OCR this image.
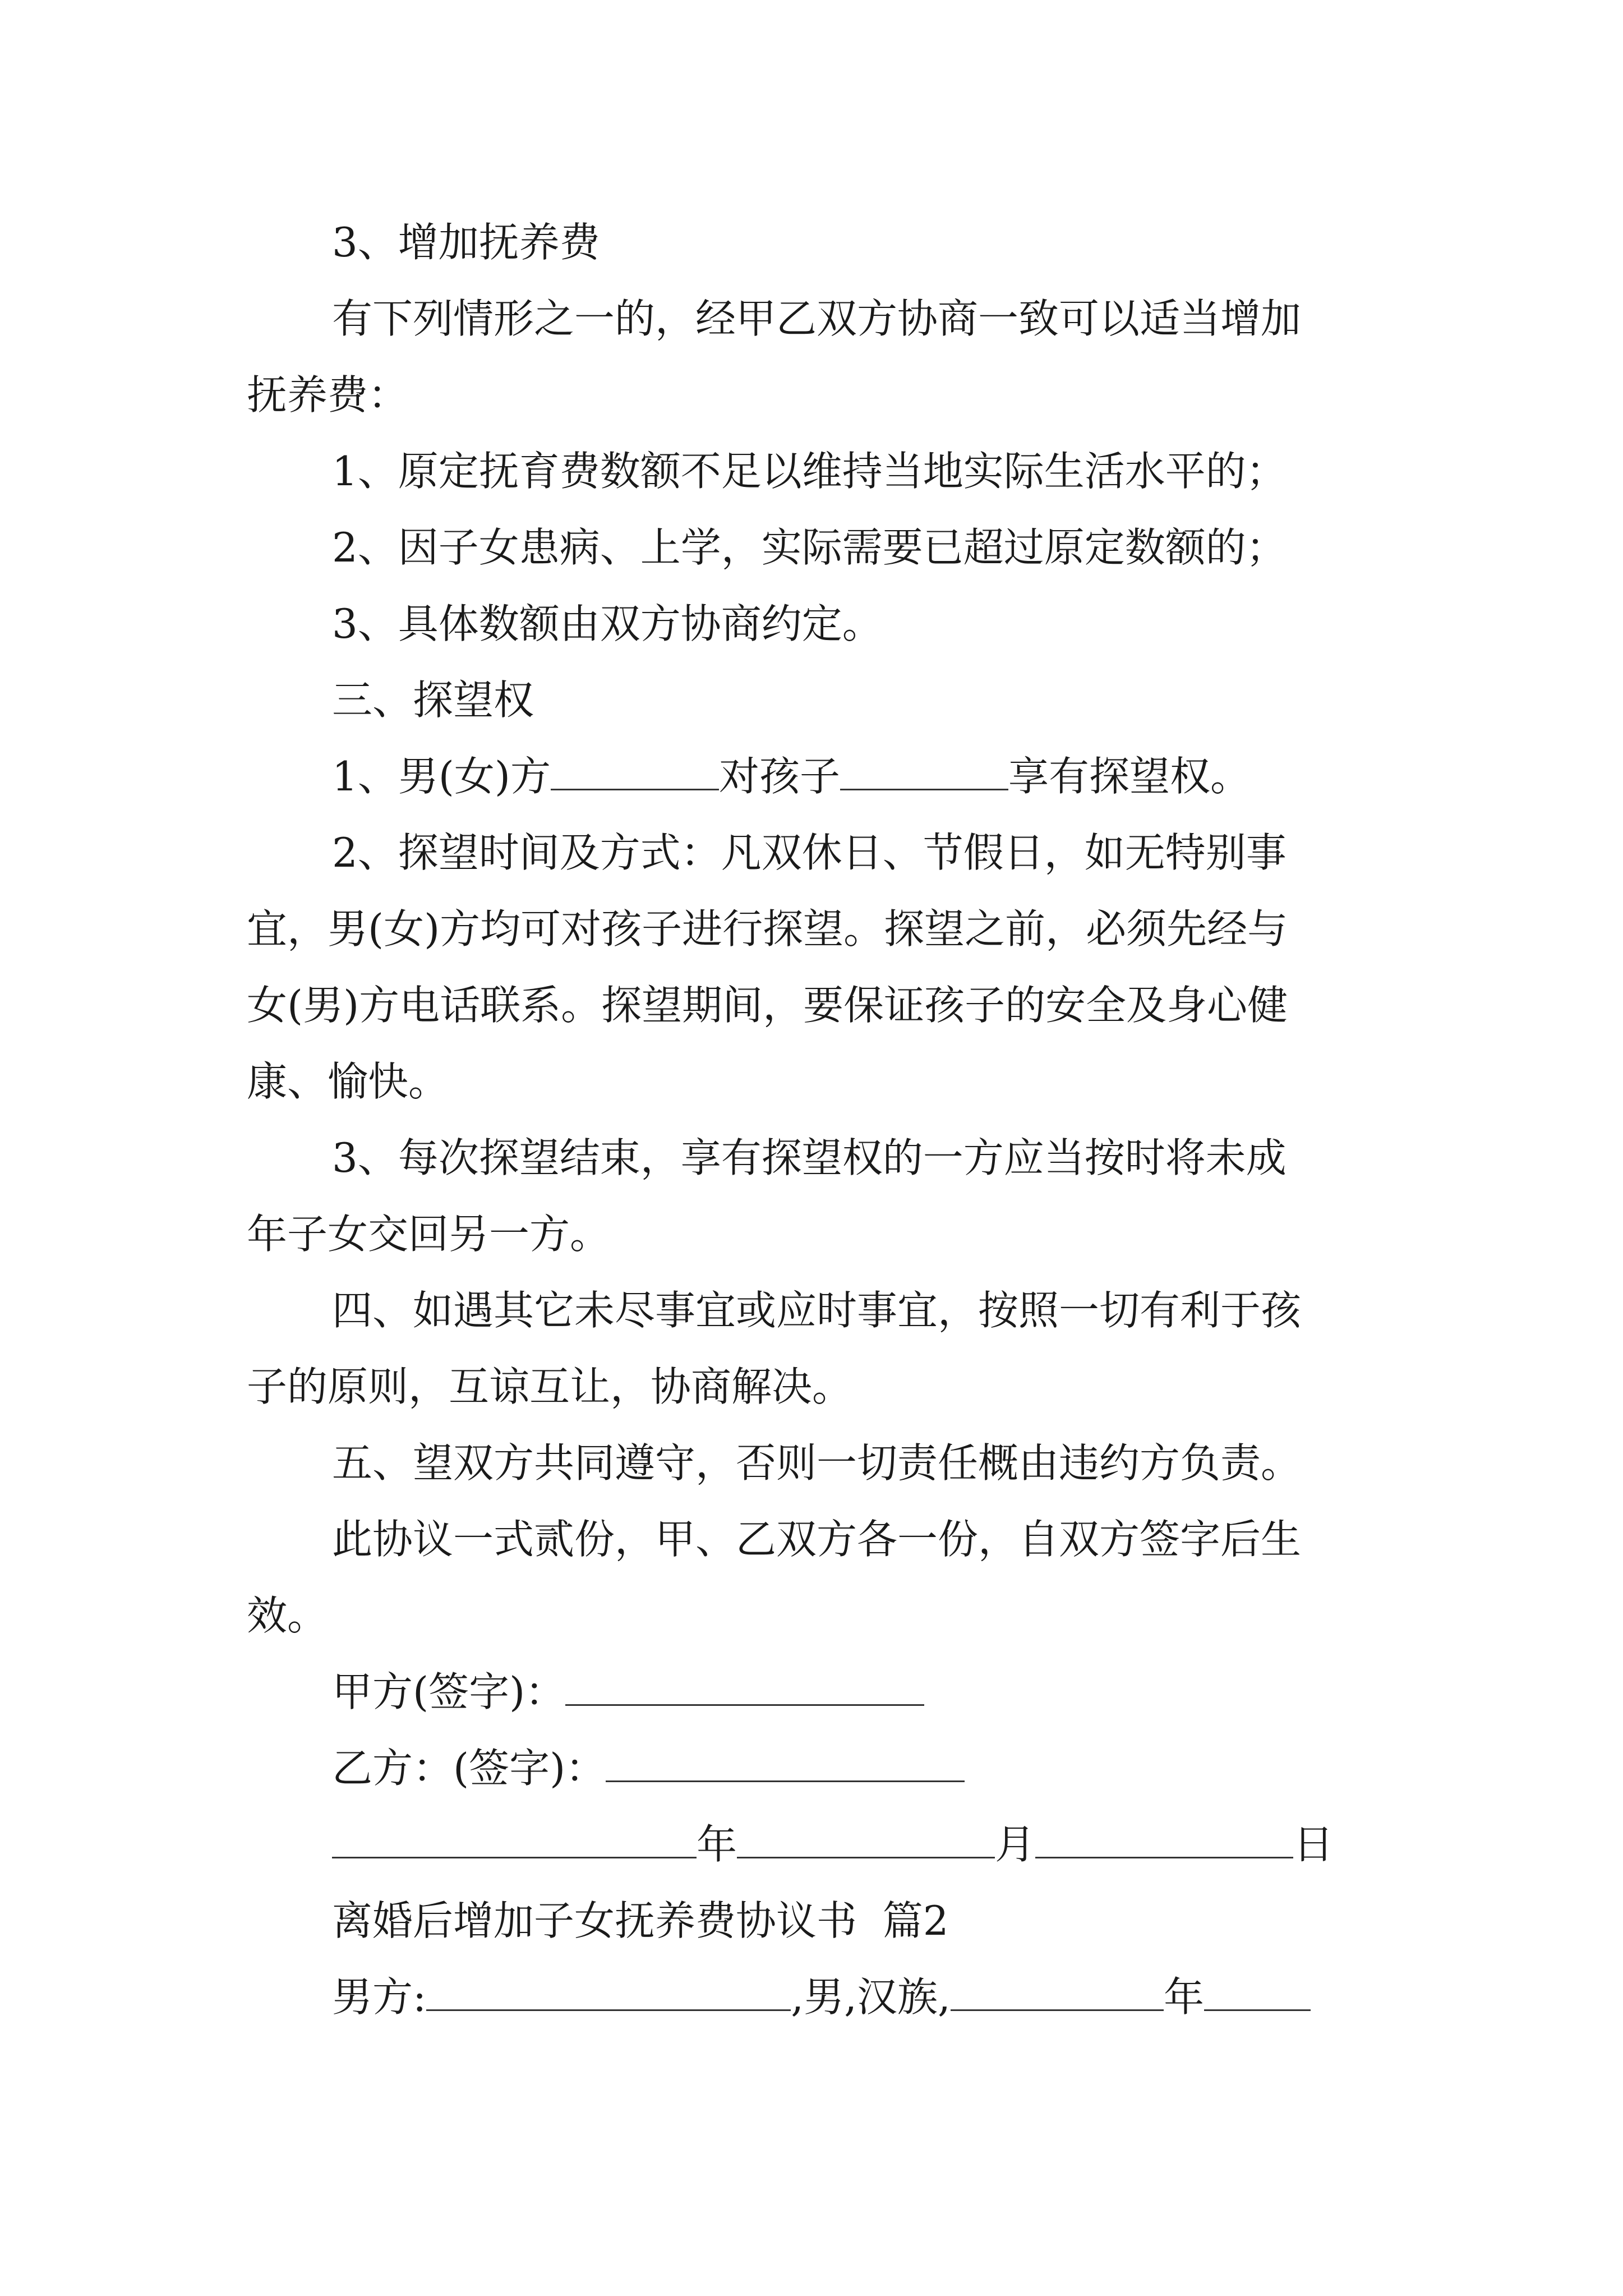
3、增加抚养费

有下列情形之一的，经甲乙双方协商一致可以适当增加

抚养费：

1、原定抚育费数额不足以维持当地实际生活水平的；

2、因子女患病、上学，实际需要已超过原定数额的；

3、具体数额由双方协商约定。

三、探望权

1、男(女)方	对孩子	享有探望权。

2、探望时间及方式：凡双休日、节假日，如无特别事

宜，男(女)方均可对孩子进行探望。探望之前，必须先经与

女(男)方电话联系。探望期间，要保证孩子的安全及身心健

康、愉快。

3、每次探望结束，享有探望权的一方应当按时将未成

年子女交回另一方。

四、如遇其它未尽事宜或应时事宜，按照一切有利于孩

子的原则，互谅互让，协商解决。

五、望双方共同遵守，否则一切责任概由违约方负责。

此协议一式贰份，甲、乙双方各一份，自双方签字后生

效。

甲方(签字)：

乙方：(签字)：

年	月	日

离婚后增加子女抚养费协议书  篇2

男方:	,男,汉族,	年
